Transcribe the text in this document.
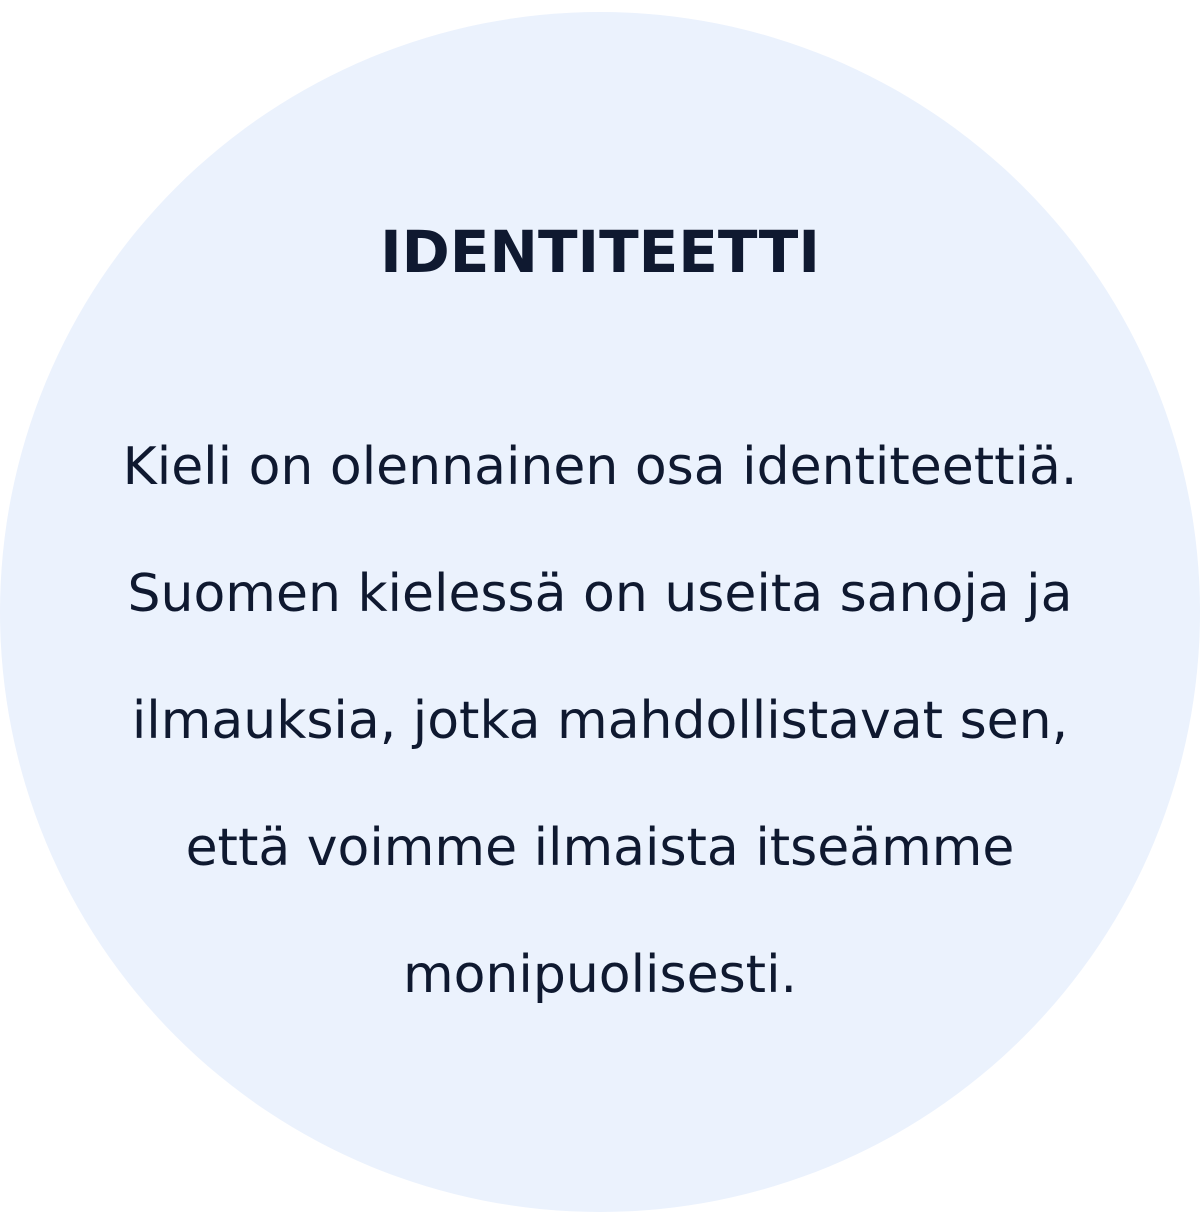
IDENTITEETTI
Kieli on olennainen osa identiteettiä.
Suomen kielessä on useita sanoja ja
ilmauksia, jotka mahdollistavat sen,
että voimme ilmaista itseämme
monipuolisesti.
